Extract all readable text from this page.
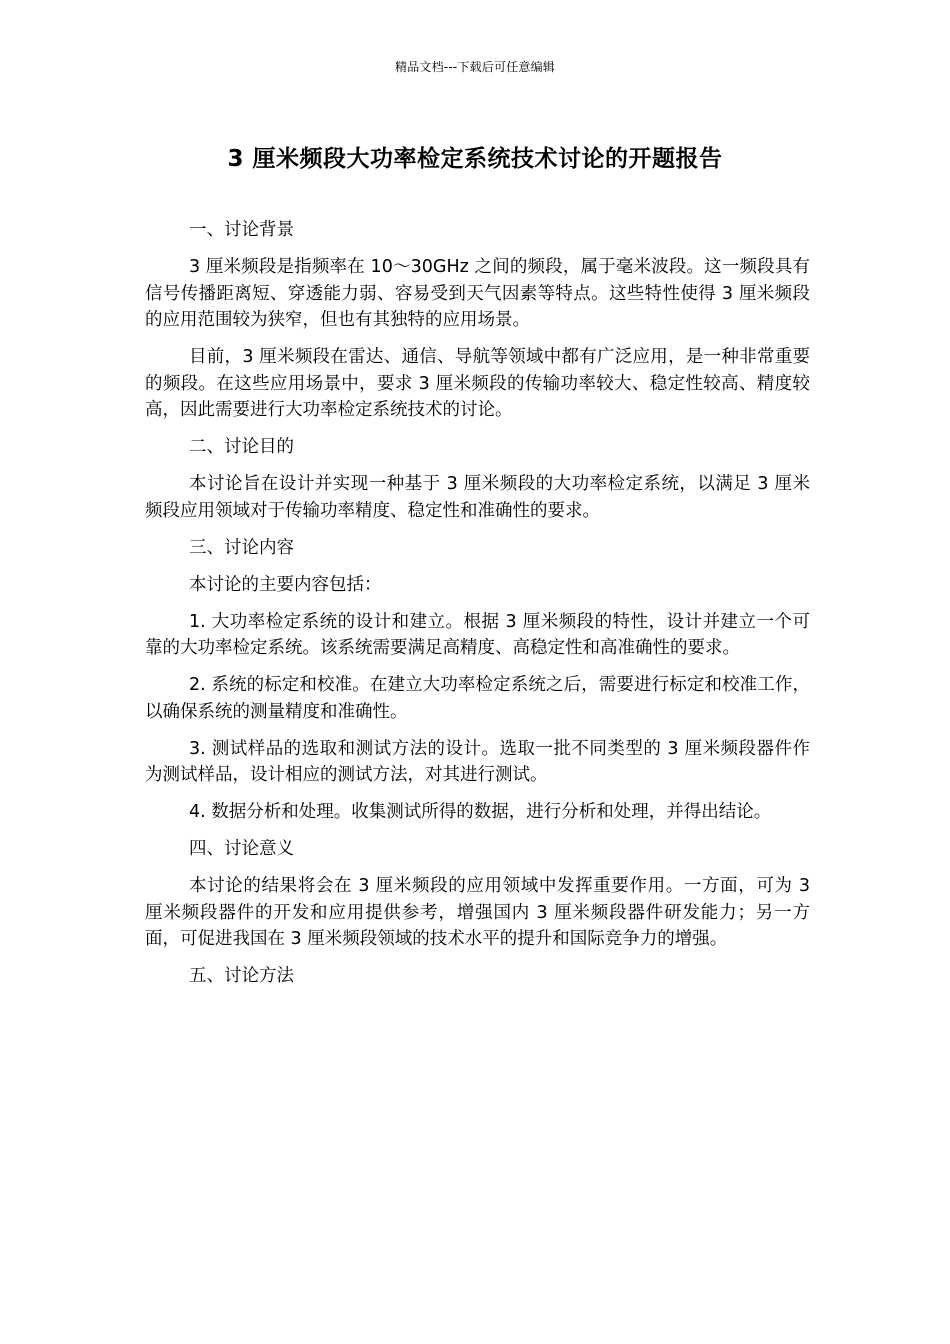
精品文档---下载后可任意编辑
3 厘米频段大功率检定系统技术讨论的开题报告

一、讨论背景

3 厘米频段是指频率在 10～30GHz 之间的频段，属于毫米波段。这一频段具有信号传播距离短、穿透能力弱、容易受到天气因素等特点。这些特性使得 3 厘米频段的应用范围较为狭窄，但也有其独特的应用场景。

目前，3 厘米频段在雷达、通信、导航等领域中都有广泛应用，是一种非常重要的频段。在这些应用场景中，要求 3 厘米频段的传输功率较大、稳定性较高、精度较高，因此需要进行大功率检定系统技术的讨论。

二、讨论目的

本讨论旨在设计并实现一种基于 3 厘米频段的大功率检定系统，以满足 3 厘米频段应用领域对于传输功率精度、稳定性和准确性的要求。

三、讨论内容

本讨论的主要内容包括：

1. 大功率检定系统的设计和建立。根据 3 厘米频段的特性，设计并建立一个可靠的大功率检定系统。该系统需要满足高精度、高稳定性和高准确性的要求。

2. 系统的标定和校准。在建立大功率检定系统之后，需要进行标定和校准工作，以确保系统的测量精度和准确性。

3. 测试样品的选取和测试方法的设计。选取一批不同类型的 3 厘米频段器件作为测试样品，设计相应的测试方法，对其进行测试。

4. 数据分析和处理。收集测试所得的数据，进行分析和处理，并得出结论。

四、讨论意义

本讨论的结果将会在 3 厘米频段的应用领域中发挥重要作用。一方面，可为 3 厘米频段器件的开发和应用提供参考，增强国内 3 厘米频段器件研发能力；另一方面，可促进我国在 3 厘米频段领域的技术水平的提升和国际竞争力的增强。

五、讨论方法
